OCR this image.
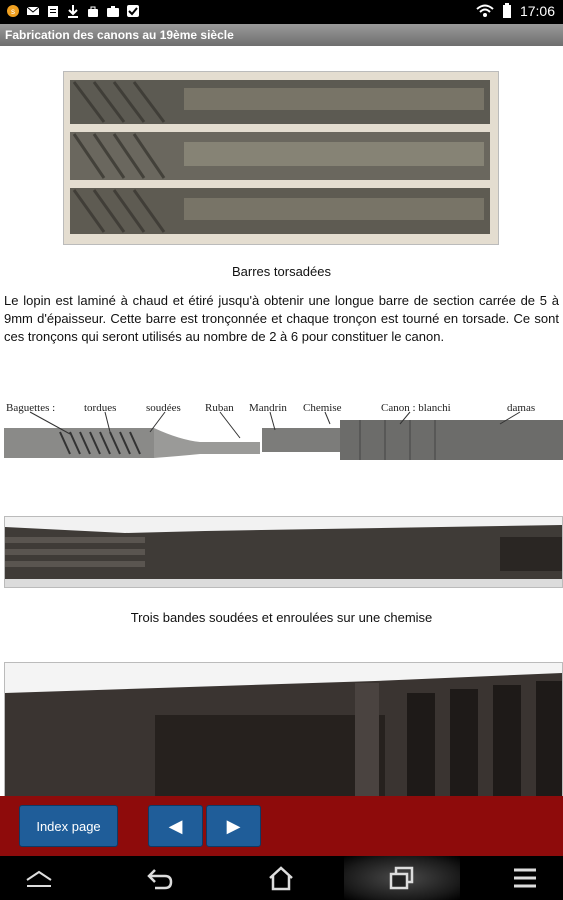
s	17:06
Fabrication des canons au 19ème siècle
Barres torsadées
Le lopin est laminé à chaud et étiré jusqu'à obtenir une longue barre de section carrée de 5 à 9mm d'épaisseur. Cette barre est tronçonnée et chaque tronçon est tourné en torsade. Ce sont ces tronçons qui seront utilisés au nombre de 2 à 6 pour constituer le canon.
Baguettes :	tordues	soudées Ruban Mandrin Chemise	Canon : blanchi	damas
Trois bandes soudées et enroulées sur une chemise
Index page	◀	▶
